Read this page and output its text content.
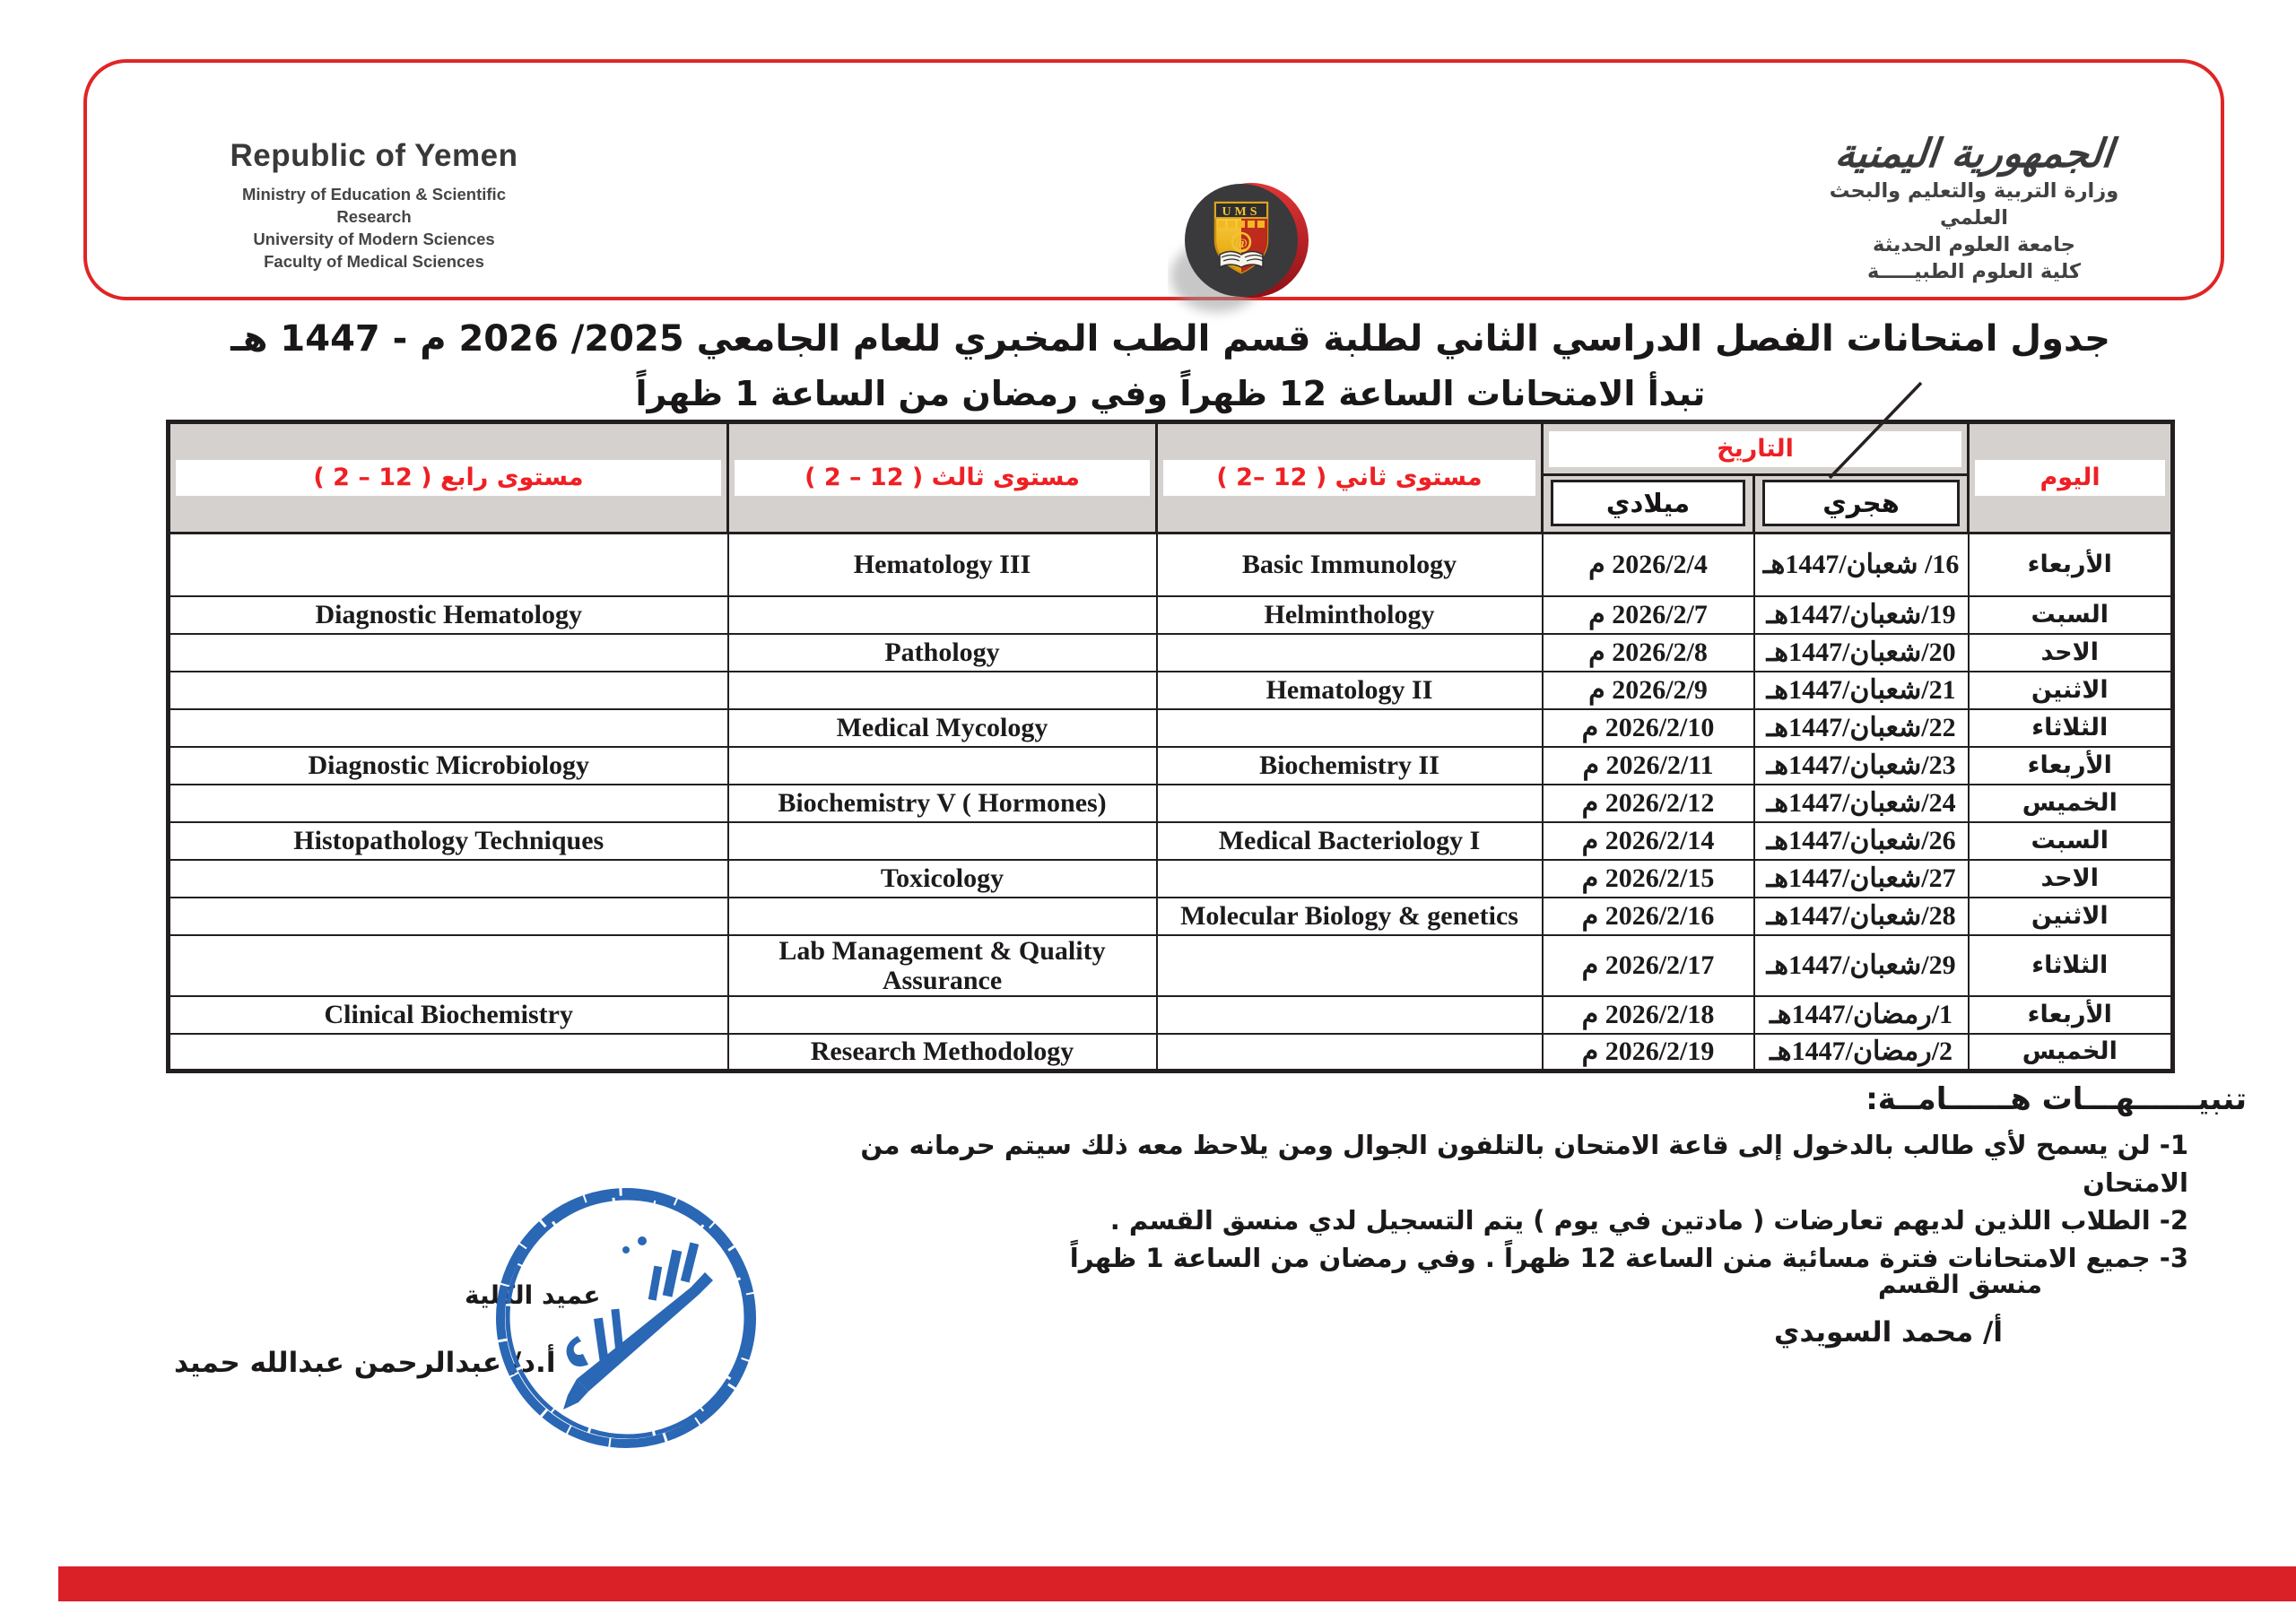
Republic of Yemen
Ministry of Education & Scientific Research
University of Modern Sciences
Faculty of Medical Sciences
UMS
@
الجمهورية اليمنية
وزارة التربية والتعليم والبحث العلمي
جامعة العلوم الحديثة
كلية العلوم الطبيـــــة
جدول امتحانات الفصل الدراسي الثاني لطلبة قسم الطب المخبري للعام الجامعي 2025/ 2026 م - 1447 هـ
تبدأ الامتحانات الساعة 12 ظهراً وفي رمضان من الساعة 1 ظهراً
اليوم	التاريخ		مستوى ثاني ( 12 –2 )	مستوى ثالث ( 12 – 2 )	مستوى رابع ( 12 – 2 )

	هجري	ميلادي			

الأربعاء	16/ شعبان/1447هـ	2026/2/4 م	Basic Immunology	Hematology III	
السبت	19/شعبان/1447هـ	2026/2/7 م	Helminthology		Diagnostic Hematology
الاحد	20/شعبان/1447هـ	2026/2/8 م		Pathology	
الاثنين	21/شعبان/1447هـ	2026/2/9 م	Hematology II		
الثلاثاء	22/شعبان/1447هـ	2026/2/10 م		Medical Mycology	
الأربعاء	23/شعبان/1447هـ	2026/2/11 م	Biochemistry II		Diagnostic Microbiology
الخميس	24/شعبان/1447هـ	2026/2/12 م		Biochemistry V ( Hormones)	
السبت	26/شعبان/1447هـ	2026/2/14 م	Medical Bacteriology I		Histopathology Techniques
الاحد	27/شعبان/1447هـ	2026/2/15 م		Toxicology	
الاثنين	28/شعبان/1447هـ	2026/2/16 م	Molecular Biology & genetics		
الثلاثاء	29/شعبان/1447هـ	2026/2/17 م		Lab Management & Quality Assurance	
الأربعاء	1/رمضان/1447هـ	2026/2/18 م			Clinical Biochemistry
الخميس	2/رمضان/1447هـ	2026/2/19 م		Research Methodology	
تنبيــــــهـــات هــــــامــة:
1- لن يسمح لأي طالب بالدخول إلى قاعة الامتحان بالتلفون الجوال ومن يلاحظ معه ذلك سيتم حرمانه من الامتحان
2- الطلاب اللذين لديهم تعارضات ( مادتين في يوم ) يتم التسجيل لدي منسق القسم .
3- جميع الامتحانات فترة مسائية منن الساعة 12 ظهراً . وفي رمضان من الساعة 1 ظهراً
منسق القسم
أ/ محمد السويدي
عميد الكلية
أ.د/ عبدالرحمن عبدالله حميد
